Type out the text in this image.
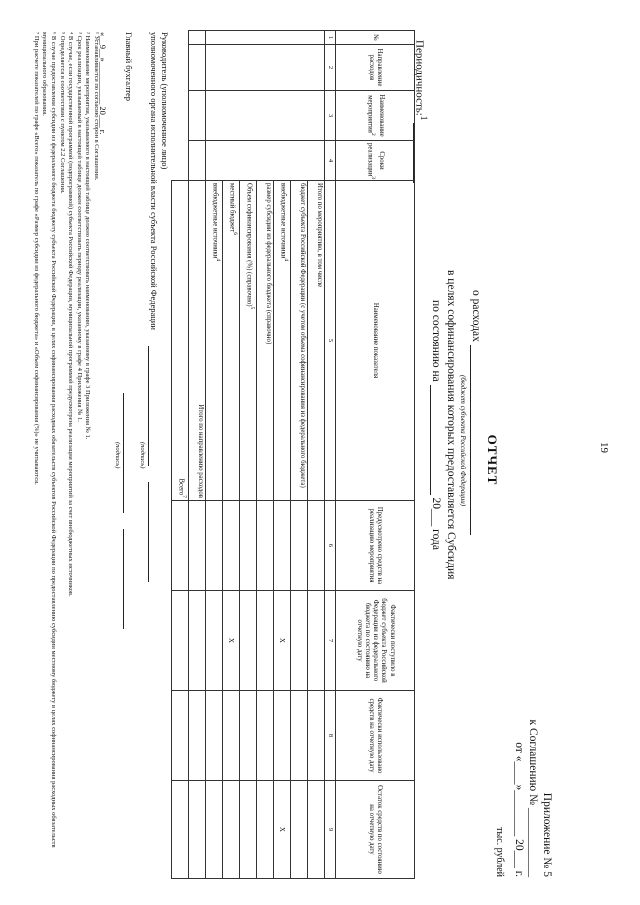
19
Приложение № 5
к Соглашению № ____________
от «____»________ 20___ г.
тыс. рублей
ОТЧЕТ
о расходах
(бюджет субъекта Российской Федерации)
в целях софинансирования которых предоставляется Субсидия
по состоянию на  20___ года
Периодичность:$^1$
№	Направление расходов	Наименование мероприятия$^2$	Сроки реализации$^3$	Наименование показателя	Предусмотрено средств на реализацию мероприятия	Фактически поступило в бюджет субъекта Российской Федерации из федерального бюджета по состоянию на отчетную дату	Фактически использовано средств на отчетную дату	Остаток средств по состоянию на отчетную дату
1	2	3	4	5	6	7	8	9
				Итого по мероприятию, в том числе				
				бюджет субъекта Российской Федерации (с учетом объема софинансирования из федерального бюджета)				
				внебюджетные источники$^4$		X		X
				размер субсидии из федерального бюджета (справочно)				
				Объем софинансирования (%) (справочно)$^5$				
				местный бюджет$^6$		X		
				внебюджетные источники$^4$				
				Итого по направлению расходов				
				Всего$^7$				
Руководитель (уполномоченное лицо)
уполномоченного органа исполнительной власти субъекта Российской Федерации
(подпись)
Главный бухгалтер
(подпись)
«__9__»__________ 20___ г.
¹ Устанавливается по согласию сторон в Соглашении.
² Наименование мероприятия, указываемого в настоящей таблице должно соответствовать наименованию, указанному в графе 3 Приложения № 1.
³ Срок реализации, указываемый в настоящей таблице должен соответствовать периоду реализации, указанному в графе 4 Приложения № 1.
⁴ В случае, если государственной программой (подпрограммой) субъекта Российской Федерации, муниципальной программой предусмотрена реализация мероприятий за счет внебюджетных источников.
⁵ Определяется в соответствии с пунктом 2.2 Соглашения.
⁶ В случае предоставления субсидии из федерального бюджета бюджету субъекта Российской Федерации, в целях софинансирования расходных обязательств субъектов Российской Федерации по предоставлению субсидии местному бюджету в целях софинансирования расходных обязательств муниципального образования.
⁷ При расчете показателей по графе «Всего» показатель по графе «Размер субсидии из федерального бюджета» и «Объем софинансирования (%)» не учитываются.
